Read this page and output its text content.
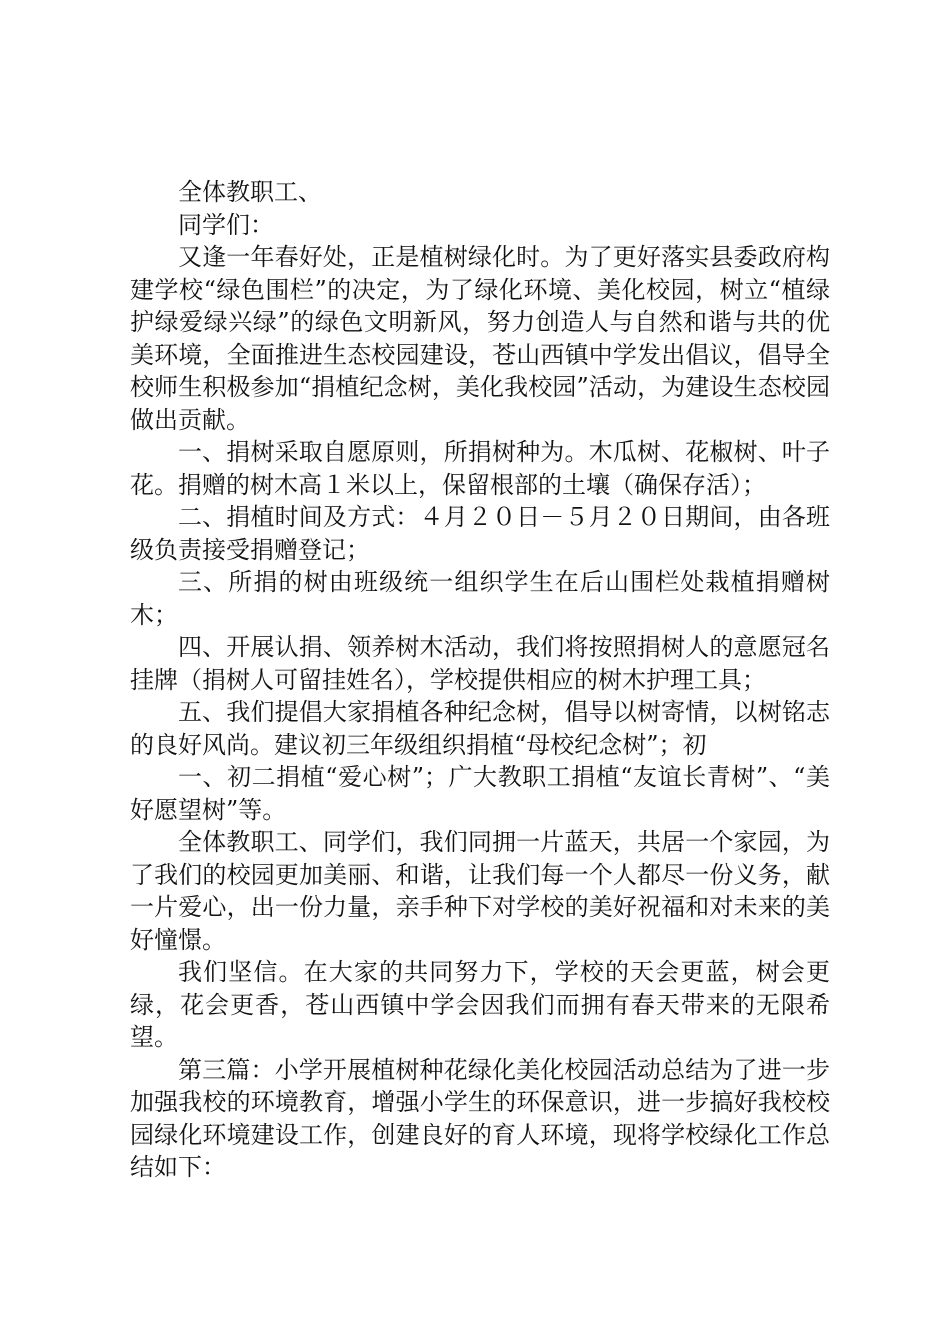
全体教职工、

同学们：

又逢一年春好处，正是植树绿化时。为了更好落实县委政府构建学校“绿色围栏”的决定，为了绿化环境、美化校园，树立“植绿护绿爱绿兴绿”的绿色文明新风，努力创造人与自然和谐与共的优美环境，全面推进生态校园建设，苍山西镇中学发出倡议，倡导全校师生积极参加“捐植纪念树，美化我校园”活动，为建设生态校园做出贡献。

一、捐树采取自愿原则，所捐树种为。木瓜树、花椒树、叶子花。捐赠的树木高１米以上，保留根部的土壤（确保存活）；

二、捐植时间及方式：４月２０日－５月２０日期间，由各班级负责接受捐赠登记；

三、所捐的树由班级统一组织学生在后山围栏处栽植捐赠树木；

四、开展认捐、领养树木活动，我们将按照捐树人的意愿冠名挂牌（捐树人可留挂姓名），学校提供相应的树木护理工具；

五、我们提倡大家捐植各种纪念树，倡导以树寄情，以树铭志的良好风尚。建议初三年级组织捐植“母校纪念树”；初

一、初二捐植“爱心树”；广大教职工捐植“友谊长青树”、“美好愿望树”等。

全体教职工、同学们，我们同拥一片蓝天，共居一个家园，为了我们的校园更加美丽、和谐，让我们每一个人都尽一份义务，献一片爱心，出一份力量，亲手种下对学校的美好祝福和对未来的美好憧憬。

我们坚信。在大家的共同努力下，学校的天会更蓝，树会更绿，花会更香，苍山西镇中学会因我们而拥有春天带来的无限希望。

第三篇：小学开展植树种花绿化美化校园活动总结为了进一步加强我校的环境教育，增强小学生的环保意识，进一步搞好我校校园绿化环境建设工作，创建良好的育人环境，现将学校绿化工作总结如下：
